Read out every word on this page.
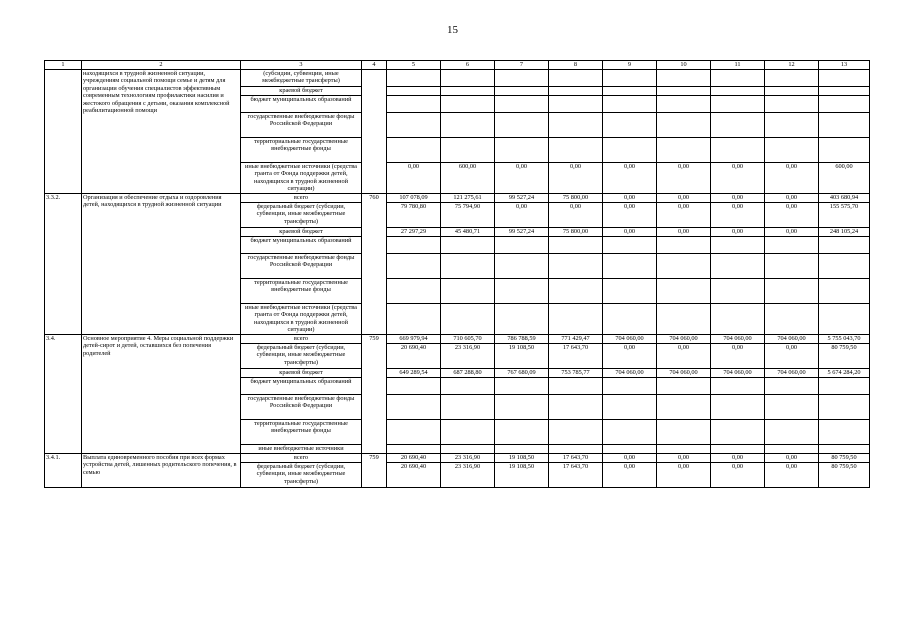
15
1	2	3	4	5	6	7	8	9	10	11	12	13
	находящихся в трудной жизненной ситуации, учреждениям социальной помощи семье и детям для организации обучения специалистов эффективным современным технологиям профилактики насилия и жестокого обращения с детьми, оказания комплексной реабилитационной помощи	(субсидии, субвенции, иные межбюджетные трансферты)										
		краевой бюджет										
		бюджет муниципальных образований										
		государственные внебюджетные фонды Российской Федерации										
		территориальные государственные внебюджетные фонды										
		иные внебюджетные источники (средства гранта от Фонда поддержки детей, находящихся в трудной жизненной ситуации)		0,00	600,00	0,00	0,00	0,00	0,00	0,00	0,00	600,00
3.3.2.	Организация и обеспечение отдыха и оздоровления детей, находящихся в трудной жизненной ситуации	всего	760	107 078,09	121 275,61	99 527,24	75 800,00	0,00	0,00	0,00	0,00	403 680,94
		федеральный бюджет (субсидии, субвенции, иные межбюджетные трансферты)		79 780,80	75 794,90	0,00	0,00	0,00	0,00	0,00	0,00	155 575,70
		краевой бюджет		27 297,29	45 480,71	99 527,24	75 800,00	0,00	0,00	0,00	0,00	248 105,24
		бюджет муниципальных образований										
		государственные внебюджетные фонды Российской Федерации										
		территориальные государственные внебюджетные фонды										
		иные внебюджетные источники (средства гранта от Фонда поддержки детей, находящихся в трудной жизненной ситуации)										
3.4.	Основное мероприятие 4. Меры социальной поддержки детей-сирот и детей, оставшихся без попечения родителей	всего	759	669 979,94	710 605,70	786 788,59	771 429,47	704 060,00	704 060,00	704 060,00	704 060,00	5 755 043,70
		федеральный бюджет (субсидии, субвенции, иные межбюджетные трансферты)		20 690,40	23 316,90	19 108,50	17 643,70	0,00	0,00	0,00	0,00	80 759,50
		краевой бюджет		649 289,54	687 288,80	767 680,09	753 785,77	704 060,00	704 060,00	704 060,00	704 060,00	5 674 284,20
		бюджет муниципальных образований										
		государственные внебюджетные фонды Российской Федерации										
		территориальные государственные внебюджетные фонды										
		иные внебюджетные источники										
3.4.1.	Выплата единовременного пособия при всех формах устройства детей, лишенных родительского попечения, в семью	всего	759	20 690,40	23 316,90	19 108,50	17 643,70	0,00	0,00	0,00	0,00	80 759,50
		федеральный бюджет (субсидии, субвенции, иные межбюджетные трансферты)		20 690,40	23 316,90	19 108,50	17 643,70	0,00	0,00	0,00	0,00	80 759,50
